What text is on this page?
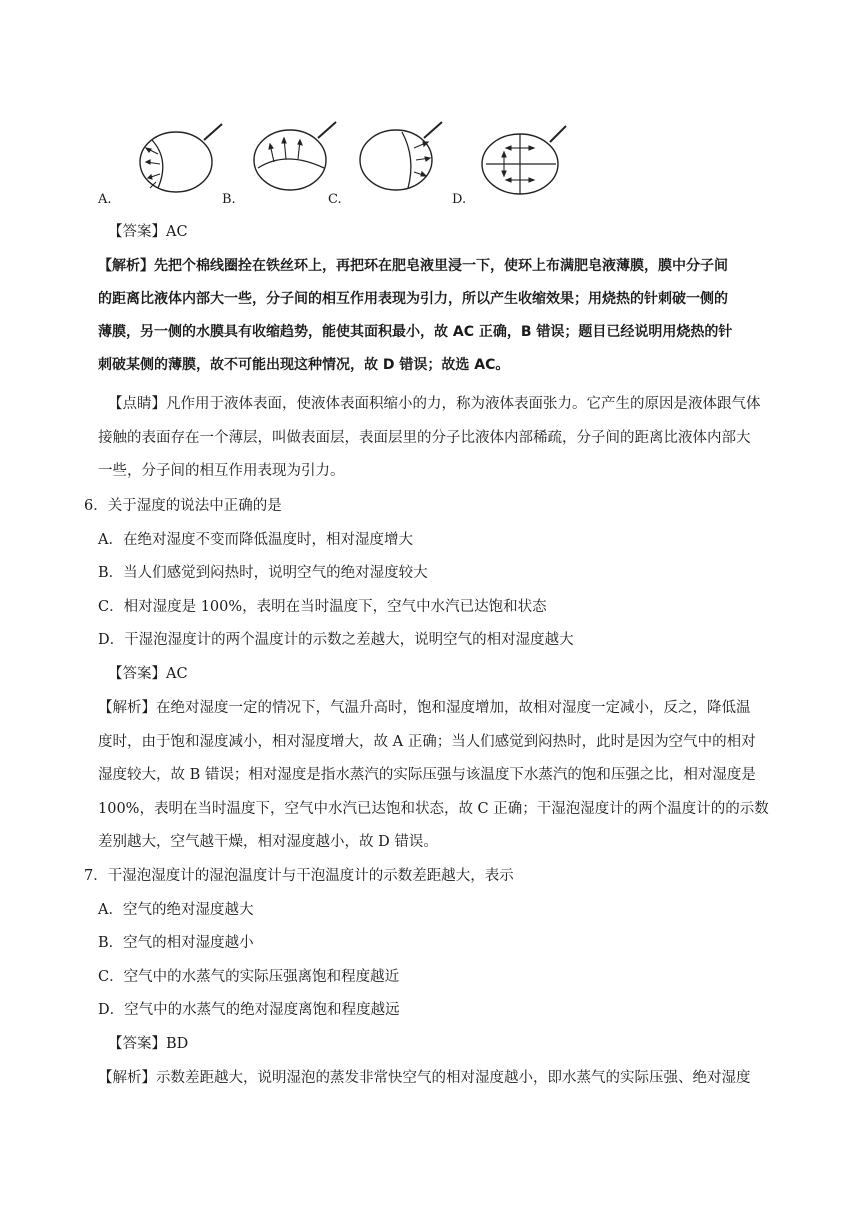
A.	B.	C.	D.
【答案】AC
【解析】先把个棉线圈拴在铁丝环上，再把环在肥皂液里浸一下，使环上布满肥皂液薄膜，膜中分子间
的距离比液体内部大一些，分子间的相互作用表现为引力，所以产生收缩效果；用烧热的针刺破一侧的
薄膜，另一侧的水膜具有收缩趋势，能使其面积最小，故 AC 正确，B 错误；题目已经说明用烧热的针
刺破某侧的薄膜，故不可能出现这种情况，故 D 错误；故选 AC。
【点睛】凡作用于液体表面，使液体表面积缩小的力，称为液体表面张力。它产生的原因是液体跟气体
接触的表面存在一个薄层，叫做表面层，表面层里的分子比液体内部稀疏，分子间的距离比液体内部大
一些，分子间的相互作用表现为引力。
6．关于湿度的说法中正确的是
A．在绝对湿度不变而降低温度时，相对湿度增大
B．当人们感觉到闷热时，说明空气的绝对湿度较大
C．相对湿度是 100%，表明在当时温度下，空气中水汽已达饱和状态
D．干湿泡湿度计的两个温度计的示数之差越大，说明空气的相对湿度越大
【答案】AC
【解析】在绝对湿度一定的情况下，气温升高时，饱和湿度增加，故相对湿度一定减小，反之，降低温
度时，由于饱和湿度减小，相对湿度增大，故 A 正确；当人们感觉到闷热时，此时是因为空气中的相对
湿度较大，故 B 错误；相对湿度是指水蒸汽的实际压强与该温度下水蒸汽的饱和压强之比，相对湿度是
100%，表明在当时温度下，空气中水汽已达饱和状态，故 C 正确；干湿泡湿度计的两个温度计的的示数
差别越大，空气越干燥，相对湿度越小，故 D 错误。
7．干湿泡湿度计的湿泡温度计与干泡温度计的示数差距越大，表示
A．空气的绝对湿度越大
B．空气的相对湿度越小
C．空气中的水蒸气的实际压强离饱和程度越近
D．空气中的水蒸气的绝对湿度离饱和程度越远
【答案】BD
【解析】示数差距越大，说明湿泡的蒸发非常快空气的相对湿度越小，即水蒸气的实际压强、绝对湿度
